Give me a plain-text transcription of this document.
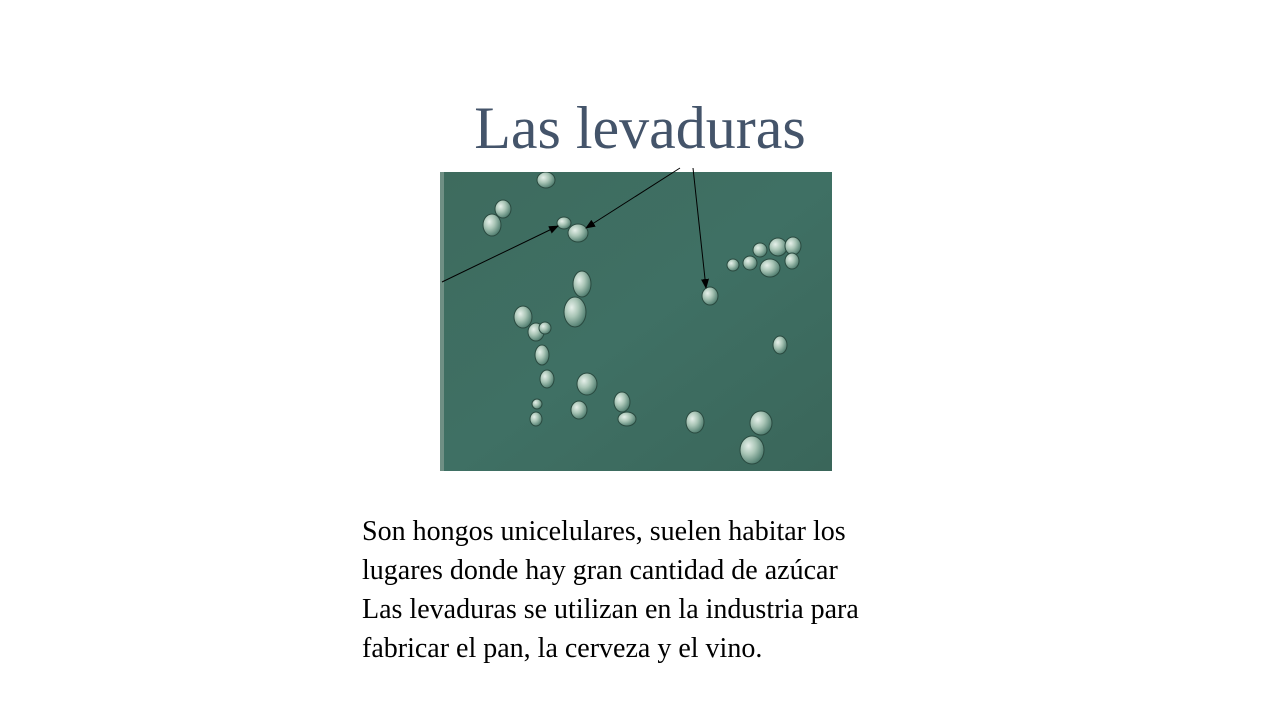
Las levaduras

Son hongos unicelulares, suelen habitar los
lugares donde hay gran cantidad de azúcar
Las levaduras se utilizan en la industria para
fabricar el pan, la cerveza y el vino.
